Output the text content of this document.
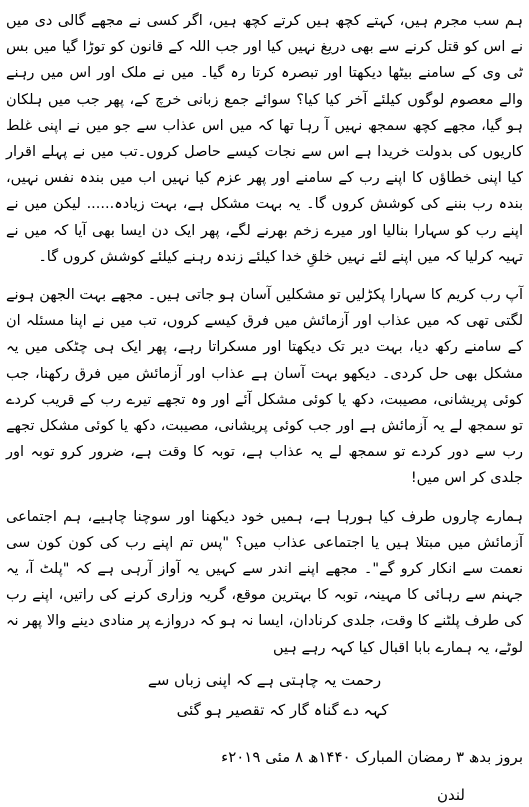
ہم سب مجرم ہیں، کہتے کچھ ہیں کرتے کچھ ہیں، اگر کسی نے مجھے گالی دی میں نے اس کو قتل کرنے سے بھی دریغ نہیں کیا اور جب اللہ کے قانون کو توڑا گیا میں بس ٹی وی کے سامنے بیٹھا دیکھتا اور تبصرہ کرتا رہ گیا۔ میں نے ملک اور اس میں رہنے والے معصوم لوگوں کیلئے آخر کیا کیا؟ سوائے جمع زبانی خرچ کے، پھر جب میں ہلکان ہو گیا، مجھے کچھ سمجھ نہیں آ رہا تھا کہ میں اس عذاب سے جو میں نے اپنی غلط کاریوں کی بدولت خریدا ہے اس سے نجات کیسے حاصل کروں۔تب میں نے پہلے اقرار کیا اپنی خطاؤں کا اپنے رب کے سامنے اور پھر عزم کیا نہیں اب میں بندہ نفس نہیں، بندہ رب بننے کی کوشش کروں گا۔ یہ بہت مشکل ہے، بہت زیادہ...... لیکن میں نے اپنے رب کو سہارا بنالیا اور میرے زخم بھرنے لگے، پھر ایک دن ایسا بھی آیا کہ میں نے تہیہ کرلیا کہ میں اپنے لئے نہیں خلقِ خدا کیلئے زندہ رہنے کیلئے کوشش کروں گا۔

آپ رب کریم کا سہارا پکڑلیں تو مشکلیں آسان ہو جاتی ہیں۔ مجھے بہت الجھن ہونے لگتی تھی کہ میں عذاب اور آزمائش میں فرق کیسے کروں، تب میں نے اپنا مسئلہ ان کے سامنے رکھ دیا، بہت دیر تک دیکھتا اور مسکراتا رہے، پھر ایک ہی چٹکی میں یہ مشکل بھی حل کردی۔ دیکھو بہت آسان ہے عذاب اور آزمائش میں فرق رکھنا، جب کوئی پریشانی، مصیبت، دکھ یا کوئی مشکل آئے اور وہ تجھے تیرے رب کے قریب کردے تو سمجھ لے یہ آزمائش ہے اور جب کوئی پریشانی، مصیبت، دکھ یا کوئی مشکل تجھے رب سے دور کردے تو سمجھ لے یہ عذاب ہے، توبہ کا وقت ہے، ضرور کرو توبہ اور جلدی کر اس میں!

ہمارے چاروں طرف کیا ہورہا ہے، ہمیں خود دیکھنا اور سوچنا چاہیے، ہم اجتماعی آزمائش میں مبتلا ہیں یا اجتماعی عذاب میں؟ "پس تم اپنے رب کی کون کون سی نعمت سے انکار کرو گے"۔ مجھے اپنے اندر سے کہیں یہ آواز آرہی ہے کہ "پلٹ آ، یہ جہنم سے رہائی کا مہینہ، توبہ کا بہترین موقع، گریہ وزاری کرنے کی راتیں، اپنے رب کی طرف پلٹنے کا وقت، جلدی کرنادان، ایسا نہ ہو کہ دروازے پر منادی دینے والا پھر نہ لوٹے، یہ ہمارے بابا اقبال کیا کہہ رہے ہیں

رحمت یہ چاہتی ہے کہ اپنی زباں سے
کہہ دے گناہ گار کہ تقصیر ہو گئی
بروز بدھ ۳ رمضان المبارک ۱۴۴۰ھ ۸ مئی ۲۰۱۹ء
لندن
